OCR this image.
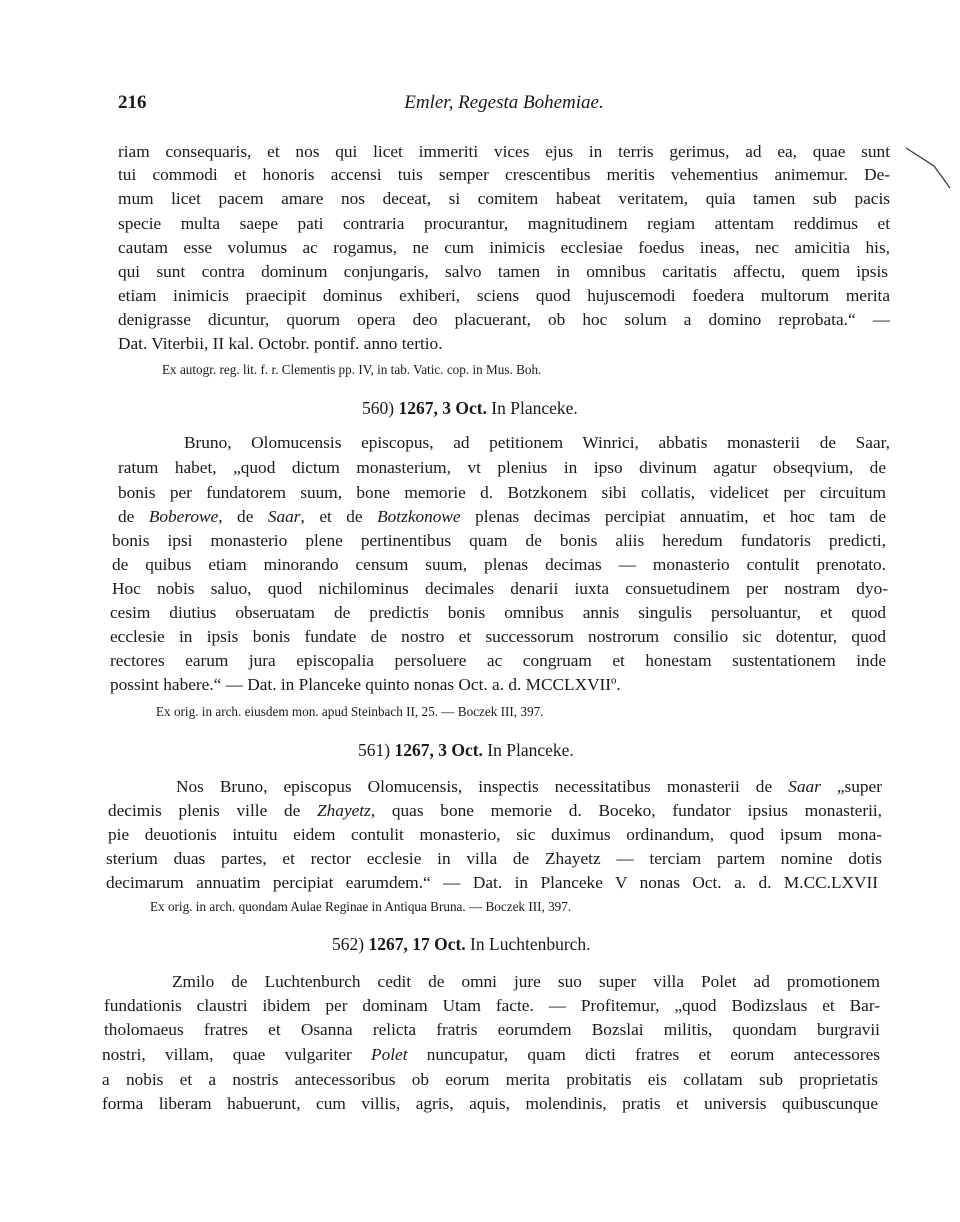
216	Emler, Regesta Bohemiae.
riam consequaris, et nos qui licet immeriti vices ejus in terris gerimus, ad ea, quae sunt
tui commodi et honoris accensi tuis semper crescentibus meritis vehementius animemur. De-
mum licet pacem amare nos deceat, si comitem habeat veritatem, quia tamen sub pacis
specie multa saepe pati contraria procurantur, magnitudinem regiam attentam reddimus et
cautam esse volumus ac rogamus, ne cum inimicis ecclesiae foedus ineas, nec amicitia his,
qui sunt contra dominum conjungaris, salvo tamen in omnibus caritatis affectu, quem ipsis
etiam inimicis praecipit dominus exhiberi, sciens quod hujuscemodi foedera multorum merita
denigrasse dicuntur, quorum opera deo placuerant, ob hoc solum a domino reprobata.“ —
Dat. Viterbii, II kal. Octobr. pontif. anno tertio.
Ex autogr. reg. lit. f. r. Clementis pp. IV, in tab. Vatic. cop. in Mus. Boh.
560) 1267, 3 Oct. In Planceke.
Bruno, Olomucensis episcopus, ad petitionem Winrici, abbatis monasterii de Saar,
ratum habet, „quod dictum monasterium, vt plenius in ipso divinum agatur obseqvium, de
bonis per fundatorem suum, bone memorie d. Botzkonem sibi collatis, videlicet per circuitum
de Boberowe, de Saar, et de Botzkonowe plenas decimas percipiat annuatim, et hoc tam de
bonis ipsi monasterio plene pertinentibus quam de bonis aliis heredum fundatoris predicti,
de quibus etiam minorando censum suum, plenas decimas — monasterio contulit prenotato.
Hoc nobis saluo, quod nichilominus decimales denarii iuxta consuetudinem per nostram dyo-
cesim diutius obseruatam de predictis bonis omnibus annis singulis persoluantur, et quod
ecclesie in ipsis bonis fundate de nostro et successorum nostrorum consilio sic dotentur, quod
rectores earum jura episcopalia persoluere ac congruam et honestam sustentationem inde
possint habere.“ — Dat. in Planceke quinto nonas Oct. a. d. MCCLXVIIº.
Ex orig. in arch. eiusdem mon. apud Steinbach II, 25. — Boczek III, 397.
561) 1267, 3 Oct. In Planceke.
Nos Bruno, episcopus Olomucensis, inspectis necessitatibus monasterii de Saar „super
decimis plenis ville de Zhayetz, quas bone memorie d. Boceko, fundator ipsius monasterii,
pie deuotionis intuitu eidem contulit monasterio, sic duximus ordinandum, quod ipsum mona-
sterium duas partes, et rector ecclesie in villa de Zhayetz — terciam partem nomine dotis
decimarum annuatim percipiat earumdem.“ — Dat. in Planceke V nonas Oct. a. d. M.CC.LXVII
Ex orig. in arch. quondam Aulae Reginae in Antiqua Bruna. — Boczek III, 397.
562) 1267, 17 Oct. In Luchtenburch.
Zmilo de Luchtenburch cedit de omni jure suo super villa Polet ad promotionem
fundationis claustri ibidem per dominam Utam facte. — Profitemur, „quod Bodizslaus et Bar-
tholomaeus fratres et Osanna relicta fratris eorumdem Bozslai militis, quondam burgravii
nostri, villam, quae vulgariter Polet nuncupatur, quam dicti fratres et eorum antecessores
a nobis et a nostris antecessoribus ob eorum merita probitatis eis collatam sub proprietatis
forma liberam habuerunt, cum villis, agris, aquis, molendinis, pratis et universis quibuscunque
